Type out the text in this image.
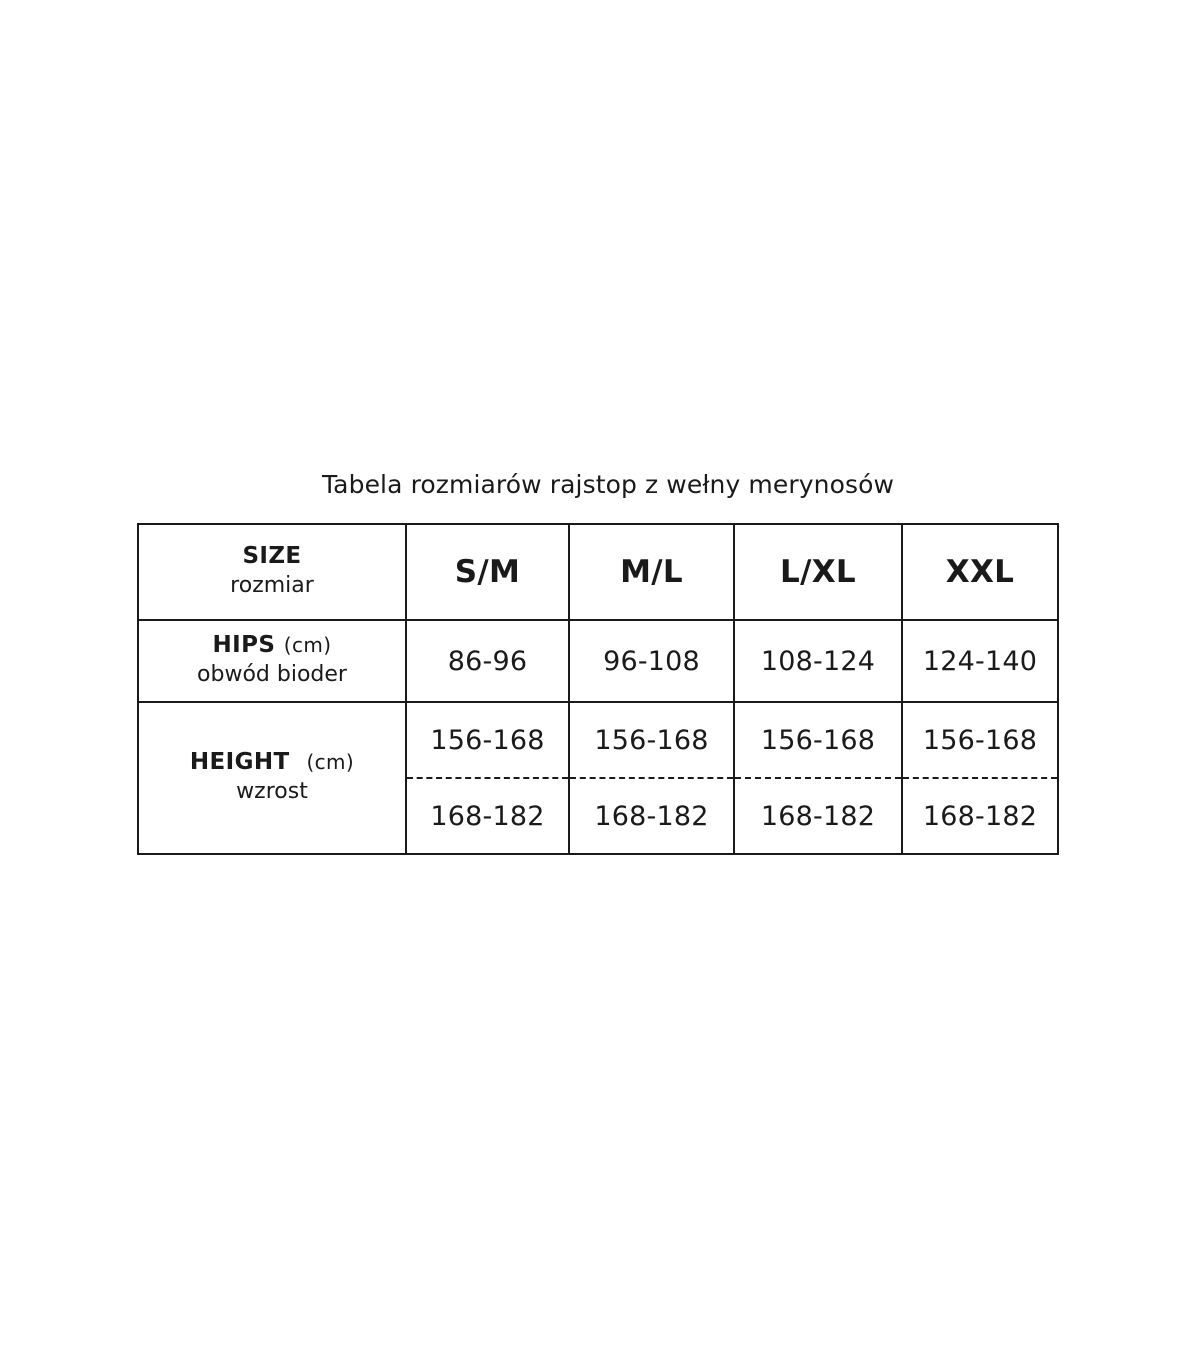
Tabela rozmiarów rajstop z wełny merynosów
SIZE
rozmiar	S/M	M/L	L/XL	XXL

HIPS (cm)
obwód bioder	86-96	96-108	108-124	124-140

HEIGHT (cm)
wzrost	156-168	156-168	156-168	156-168
	168-182	168-182	168-182	168-182
